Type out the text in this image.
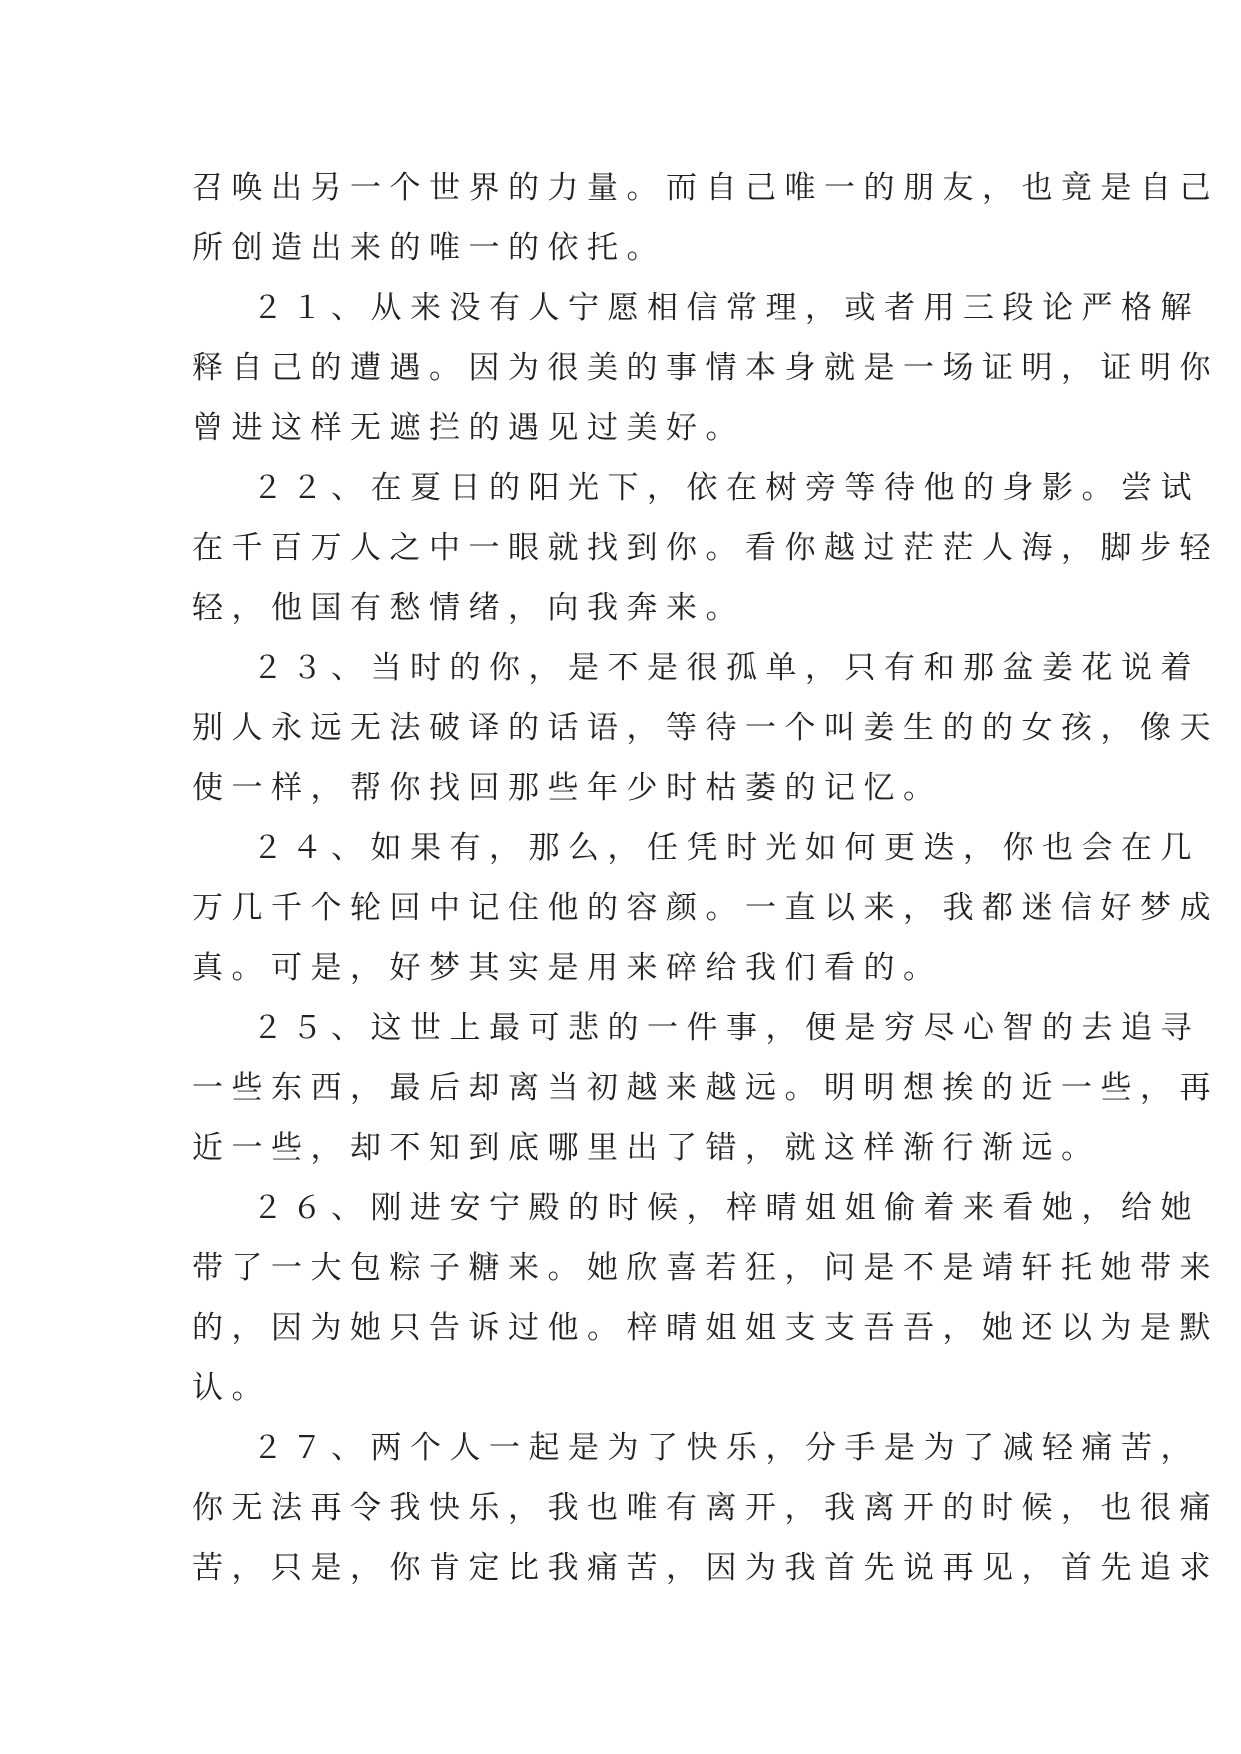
召唤出另一个世界的力量。而自己唯一的朋友，也竟是自己
所创造出来的唯一的依托。
２１、从来没有人宁愿相信常理，或者用三段论严格解
释自己的遭遇。因为很美的事情本身就是一场证明，证明你
曾进这样无遮拦的遇见过美好。
２２、在夏日的阳光下，依在树旁等待他的身影。尝试
在千百万人之中一眼就找到你。看你越过茫茫人海，脚步轻
轻，他国有愁情绪，向我奔来。
２３、当时的你，是不是很孤单，只有和那盆姜花说着
别人永远无法破译的话语，等待一个叫姜生的的女孩，像天
使一样，帮你找回那些年少时枯萎的记忆。
２４、如果有，那么，任凭时光如何更迭，你也会在几
万几千个轮回中记住他的容颜。一直以来，我都迷信好梦成
真。可是，好梦其实是用来碎给我们看的。
２５、这世上最可悲的一件事，便是穷尽心智的去追寻
一些东西，最后却离当初越来越远。明明想挨的近一些，再
近一些，却不知到底哪里出了错，就这样渐行渐远。
２６、刚进安宁殿的时候，梓晴姐姐偷着来看她，给她
带了一大包粽子糖来。她欣喜若狂，问是不是靖轩托她带来
的，因为她只告诉过他。梓晴姐姐支支吾吾，她还以为是默
认。
２７、两个人一起是为了快乐，分手是为了减轻痛苦，
你无法再令我快乐，我也唯有离开，我离开的时候，也很痛
苦，只是，你肯定比我痛苦，因为我首先说再见，首先追求
